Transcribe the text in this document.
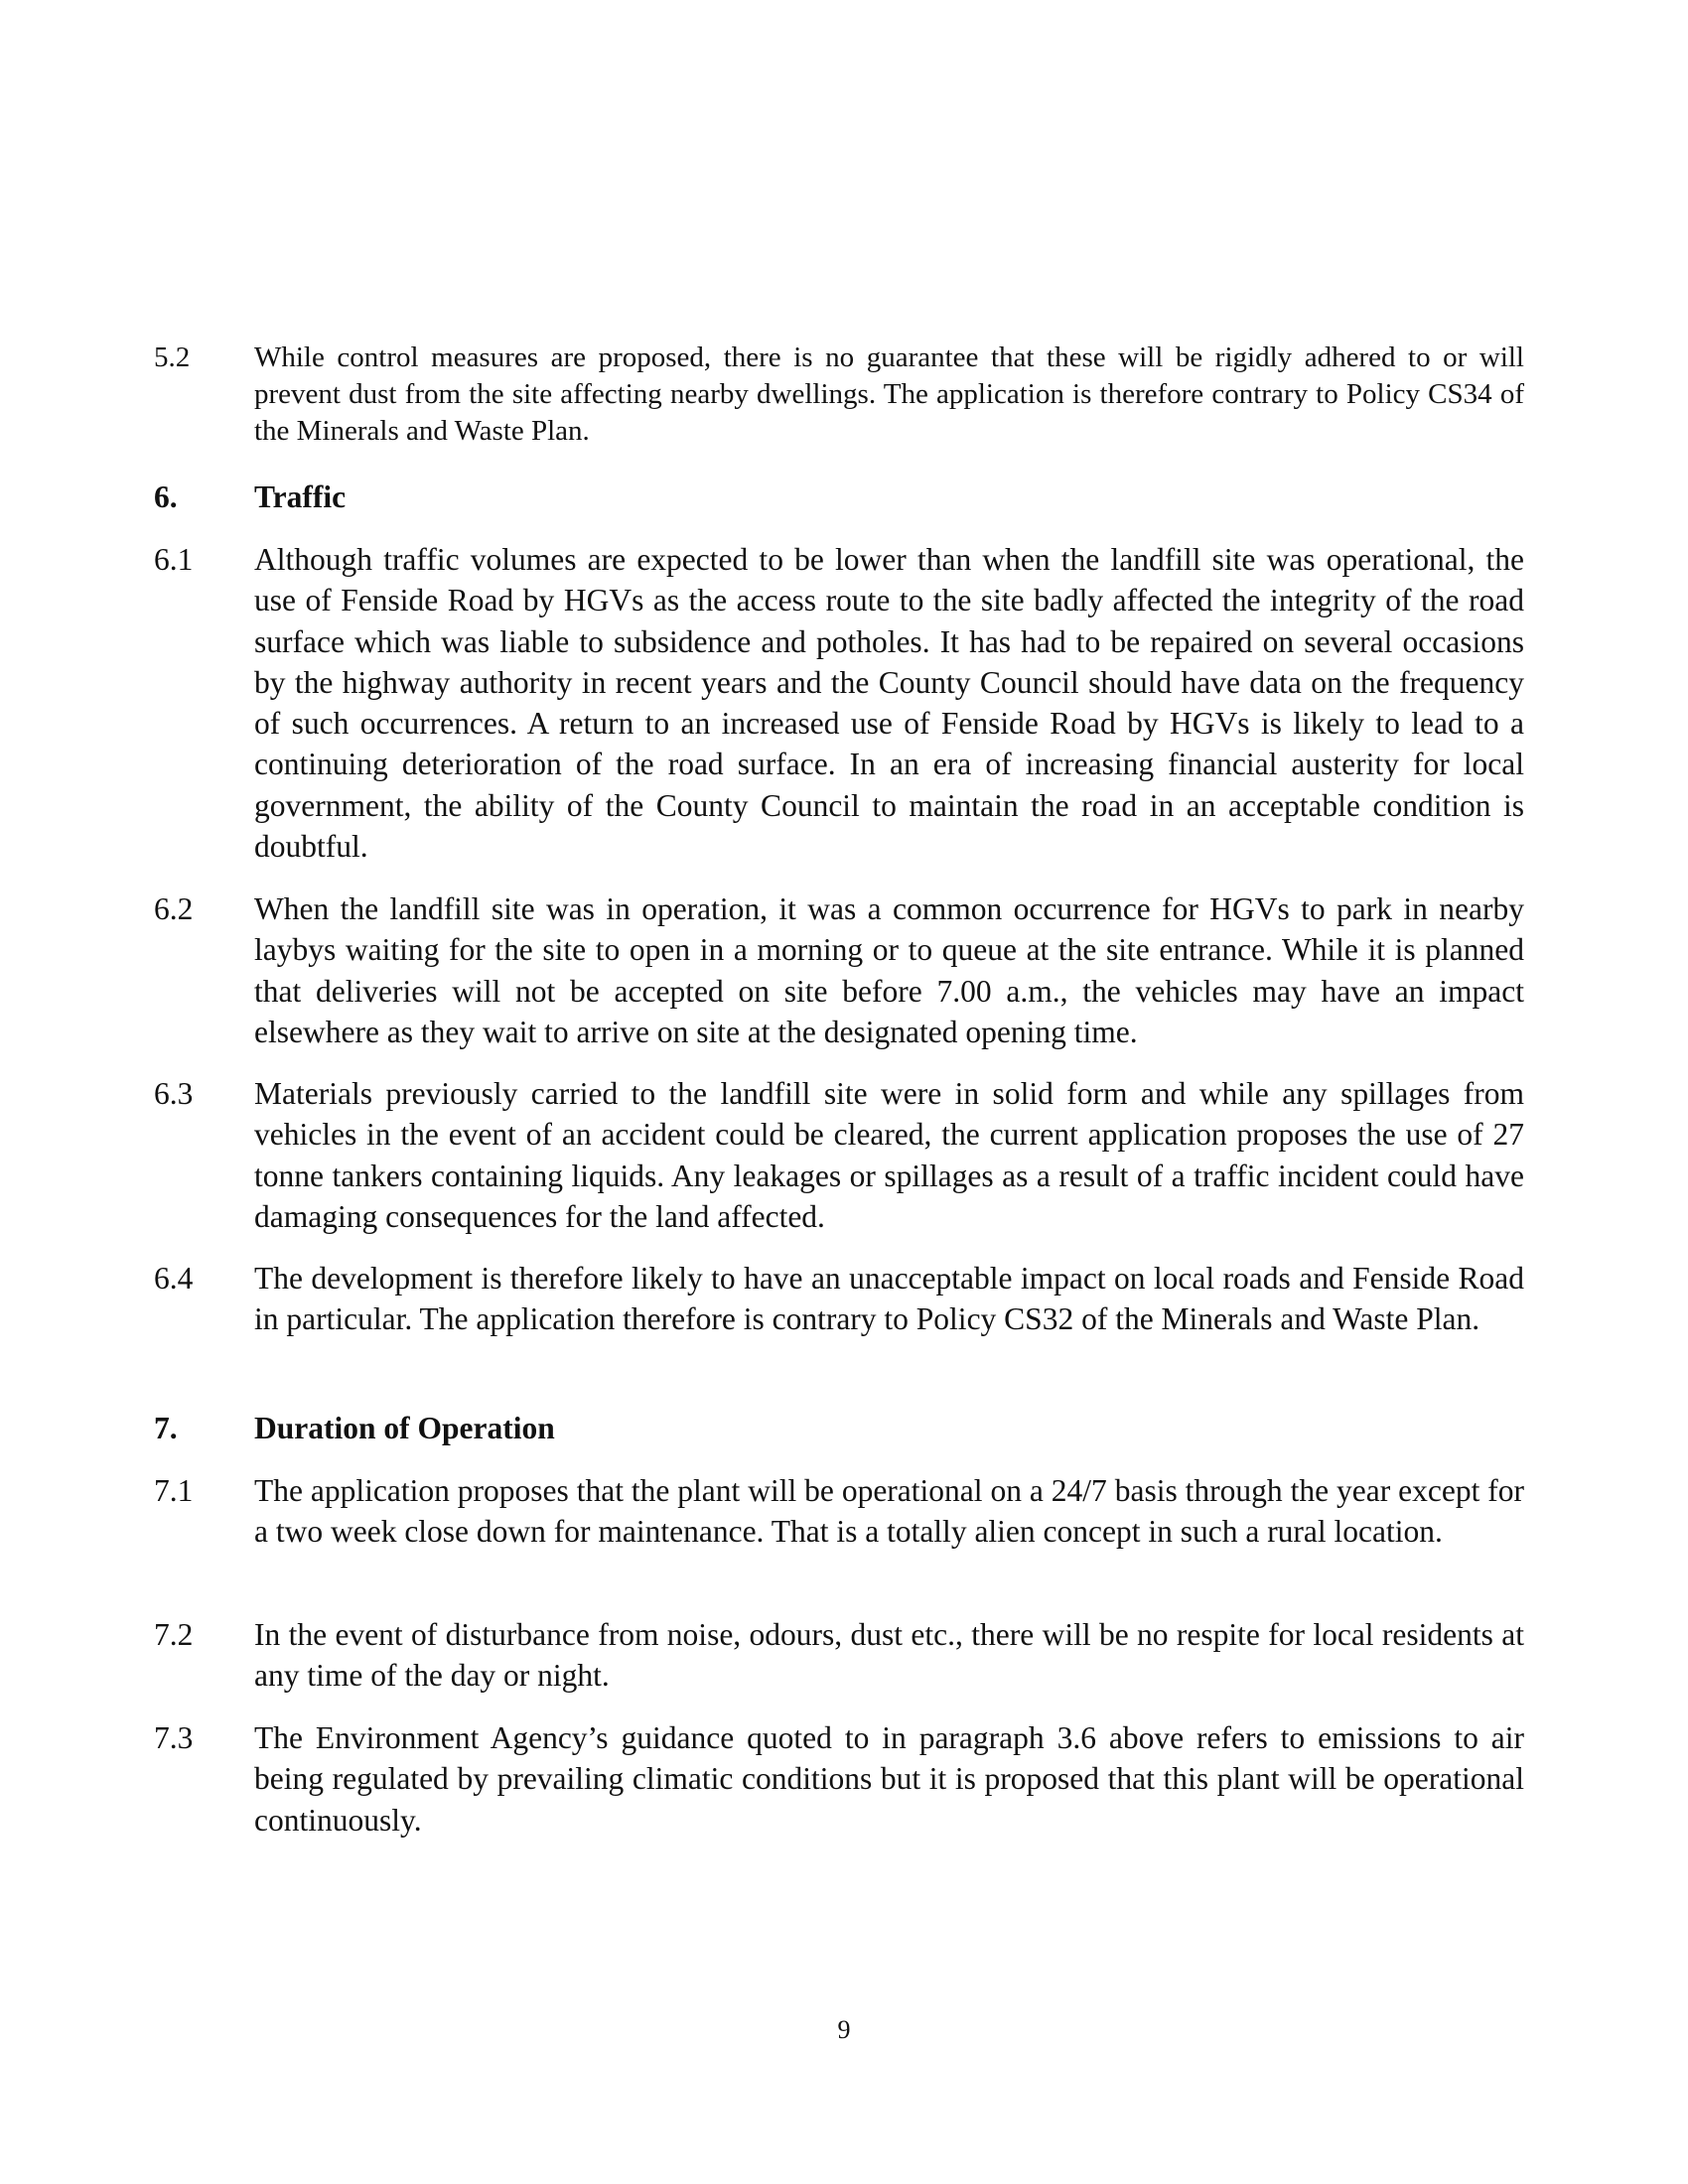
5.2	While control measures are proposed, there is no guarantee that these will be rigidly adhered to or will prevent dust from the site affecting nearby dwellings. The application is therefore contrary to Policy CS34 of the Minerals and Waste Plan.
6.	Traffic
6.1	Although traffic volumes are expected to be lower than when the landfill site was operational, the use of Fenside Road by HGVs as the access route to the site badly affected the integrity of the road surface which was liable to subsidence and potholes. It has had to be repaired on several occasions by the highway authority in recent years and the County Council should have data on the frequency of such occurrences. A return to an increased use of Fenside Road by HGVs is likely to lead to a continuing deterioration of the road surface. In an era of increasing financial austerity for local government, the ability of the County Council to maintain the road in an acceptable condition is doubtful.
6.2	When the landfill site was in operation, it was a common occurrence for HGVs to park in nearby laybys waiting for the site to open in a morning or to queue at the site entrance. While it is planned that deliveries will not be accepted on site before 7.00 a.m., the vehicles may have an impact elsewhere as they wait to arrive on site at the designated opening time.
6.3	Materials previously carried to the landfill site were in solid form and while any spillages from vehicles in the event of an accident could be cleared, the current application proposes the use of 27 tonne tankers containing liquids. Any leakages or spillages as a result of a traffic incident could have damaging consequences for the land affected.
6.4	The development is therefore likely to have an unacceptable impact on local roads and Fenside Road in particular. The application therefore is contrary to Policy CS32 of the Minerals and Waste Plan.
7.	Duration of Operation
7.1	The application proposes that the plant will be operational on a 24/7 basis through the year except for a two week close down for maintenance. That is a totally alien concept in such a rural location.
7.2	In the event of disturbance from noise, odours, dust etc., there will be no respite for local residents at any time of the day or night.
7.3	The Environment Agency’s guidance quoted to in paragraph 3.6 above refers to emissions to air being regulated by prevailing climatic conditions but it is proposed that this plant will be operational continuously.
9
